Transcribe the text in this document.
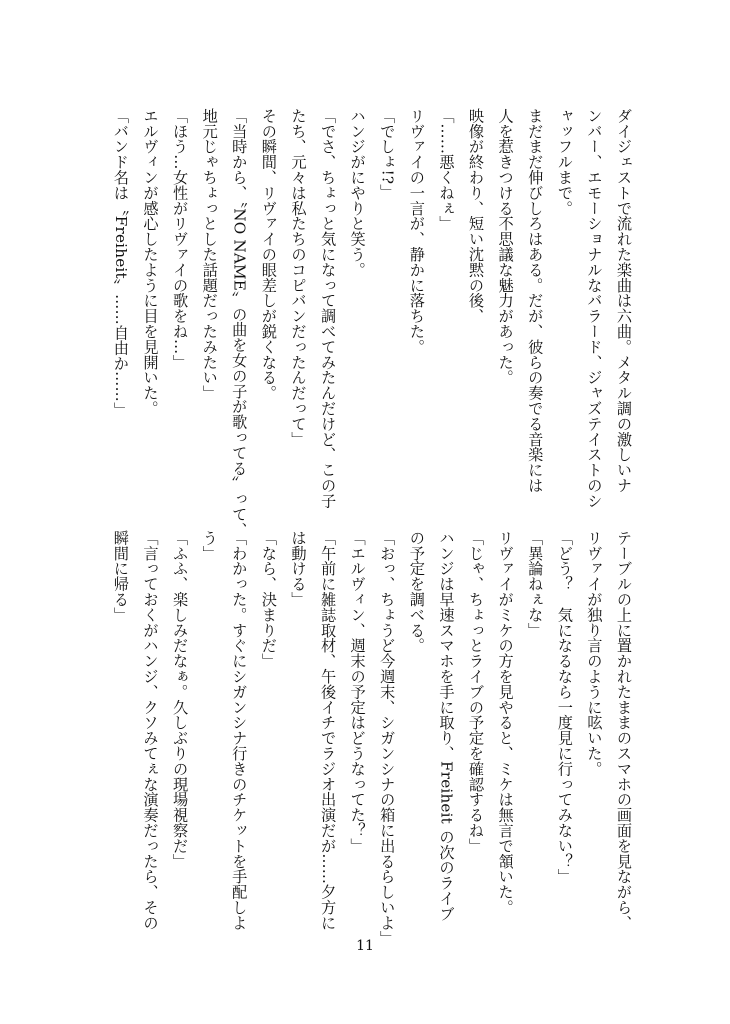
ダイジェストで流れた楽曲は六曲。メタル調の激しいナ
ンバー、エモーショナルなバラード、ジャズテイストのシ
ャッフルまで。
まだまだ伸びしろはある。だが、彼らの奏でる音楽には
人を惹きつける不思議な魅力があった。
映像が終わり、短い沈黙の後、
「……悪くねぇ」
リヴァイの一言が、静かに落ちた。
「でしょ!?」
ハンジがにやりと笑う。
「でさ、ちょっと気になって調べてみたんだけど、この子
たち、元々は私たちのコピバンだったんだって」
その瞬間、リヴァイの眼差しが鋭くなる。
「当時から、〝NO NAME〟の曲を女の子が歌ってる〟って、
地元じゃちょっとした話題だったみたい」
「ほう…女性がリヴァイの歌をね…」
エルヴィンが感心したように目を見開いた。
「バンド名は〝Freiheit〟……自由か……」
テーブルの上に置かれたままのスマホの画面を見ながら、
リヴァイが独り言のように呟いた。
「どう？　気になるなら一度見に行ってみない？」
「異論ねぇな」
リヴァイがミケの方を見やると、ミケは無言で頷いた。
「じゃ、ちょっとライブの予定を確認するね」
ハンジは早速スマホを手に取り、Freiheit の次のライブ
の予定を調べる。
「おっ、ちょうど今週末、シガンシナの箱に出るらしいよ」
「エルヴィン、週末の予定はどうなってた？」
「午前に雑誌取材、午後イチでラジオ出演だが……夕方に
は動ける」
「なら、決まりだ」
「わかった。すぐにシガンシナ行きのチケットを手配しよ
う」
「ふふ、楽しみだなぁ。久しぶりの現場視察だ」
「言っておくがハンジ、クソみてぇな演奏だったら、その
瞬間に帰る」
11
